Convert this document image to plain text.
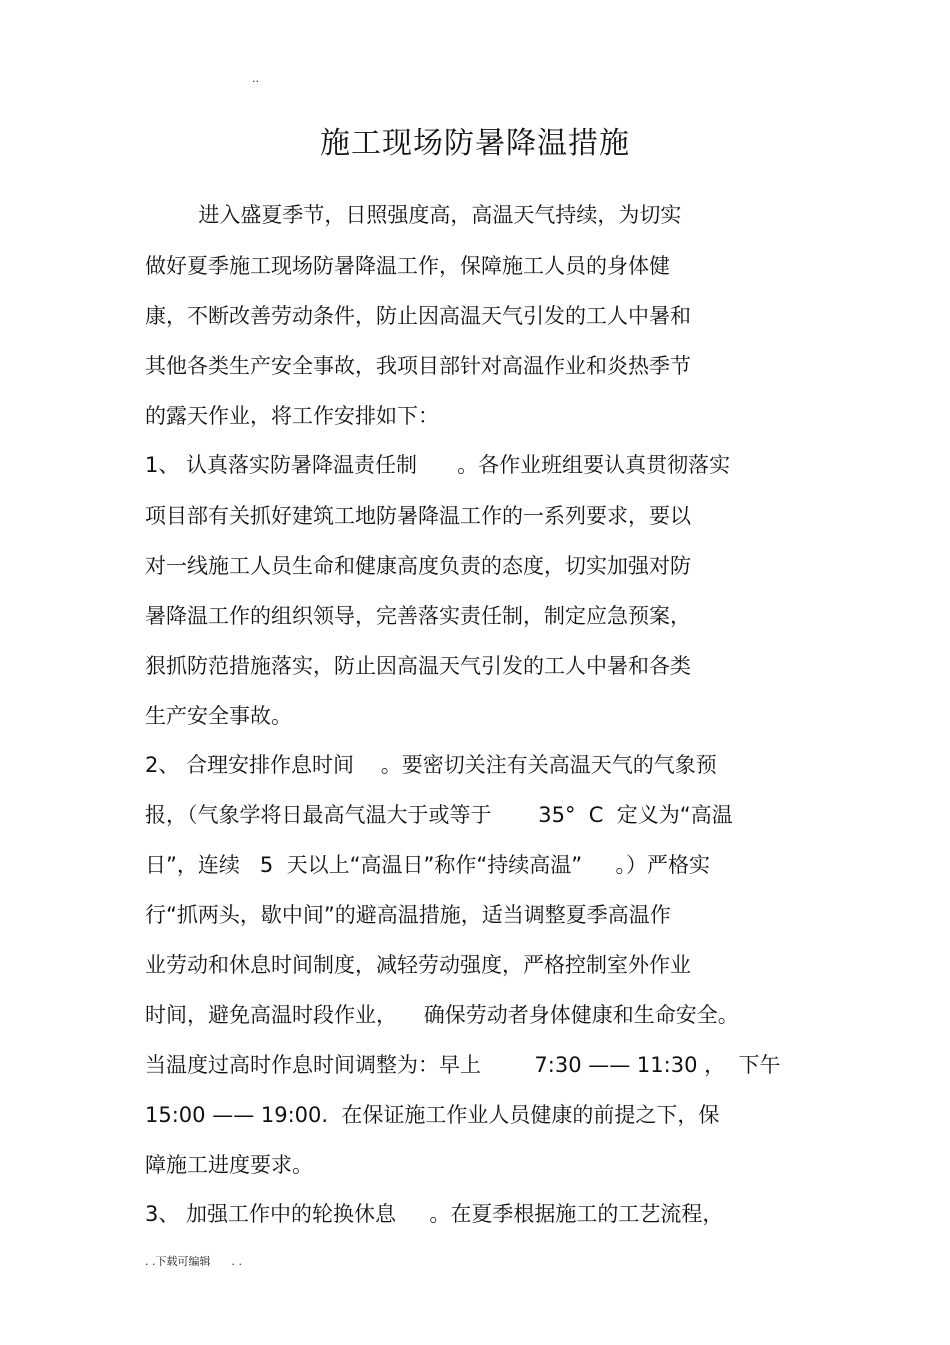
..
施工现场防暑降温措施
进入盛夏季节，日照强度高，高温天气持续，为切实
做好夏季施工现场防暑降温工作，保障施工人员的身体健
康，不断改善劳动条件，防止因高温天气引发的工人中暑和
其他各类生产安全事故，我项目部针对高温作业和炎热季节
的露天作业，将工作安排如下：
1、 认真落实防暑降温责任制      。各作业班组要认真贯彻落实
项目部有关抓好建筑工地防暑降温工作的一系列要求，要以
对一线施工人员生命和健康高度负责的态度，切实加强对防
暑降温工作的组织领导，完善落实责任制，制定应急预案，
狠抓防范措施落实，防止因高温天气引发的工人中暑和各类
生产安全事故。
2、 合理安排作息时间    。要密切关注有关高温天气的气象预
报，（气象学将日最高气温大于或等于       35°  C  定义为“高温
日”，连续   5  天以上“高温日”称作“持续高温”     。）严格实
行“抓两头，歇中间”的避高温措施，适当调整夏季高温作
业劳动和休息时间制度，减轻劳动强度，严格控制室外作业
时间，避免高温时段作业，    确保劳动者身体健康和生命安全。
当温度过高时作息时间调整为：早上        7:30 —— 11:30 ，  下午
15:00 —— 19:00.  在保证施工作业人员健康的前提之下，保
障施工进度要求。
3、 加强工作中的轮换休息     。在夏季根据施工的工艺流程，
. .下载可编辑      . .
